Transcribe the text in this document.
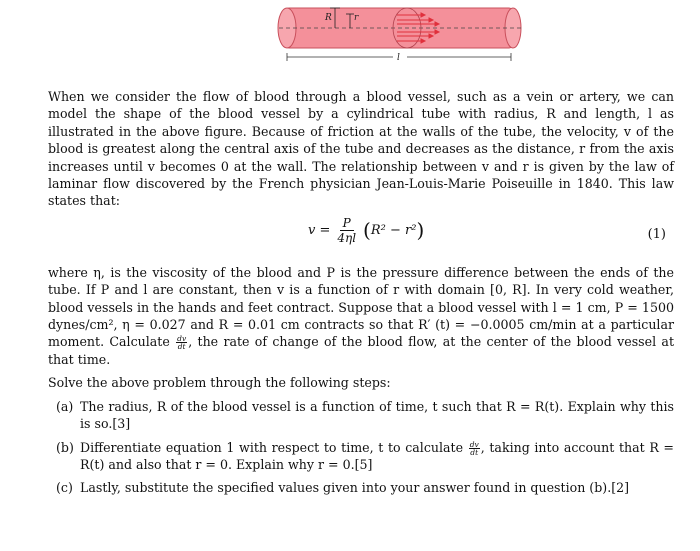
R r
l

When we consider the flow of blood through a blood vessel, such as a vein or artery, we can model the shape of the blood vessel by a cylindrical tube with radius, R and length, l as illustrated in the above figure. Because of friction at the walls of the tube, the velocity, v of the blood is greatest along the central axis of the tube and decreases as the distance, r from the axis increases until v becomes 0 at the wall. The relationship between v and r is given by the law of laminar flow discovered by the French physician Jean-Louis-Marie Poiseuille in 1840. This law states that:

$v = \frac{P}{4\eta l}$ ( R² − r² )	(1)

where η, is the viscosity of the blood and P is the pressure difference between the ends of the tube. If P and l are constant, then v is a function of r with domain [0, R]. In very cold weather, blood vessels in the hands and feet contract. Suppose that a blood vessel with l = 1 cm, P = 1500 dynes/cm², η = 0.027 and R = 0.01 cm contracts so that R′ (t) = −0.0005 cm/min at a particular moment. Calculate $\frac{dv}{dt}$ , the rate of change of the blood flow, at the center of the blood vessel at that time.

Solve the above problem through the following steps:

(a) The radius, R of the blood vessel is a function of time, t such that R = R(t). Explain why this is so.[3]
(b) Differentiate equation 1 with respect to time, t to calculate $\frac{dv}{dt}$ , taking into account that R = R(t) and also that r = 0. Explain why r = 0.[5]
(c) Lastly, substitute the specified values given into your answer found in question (b).[2]
